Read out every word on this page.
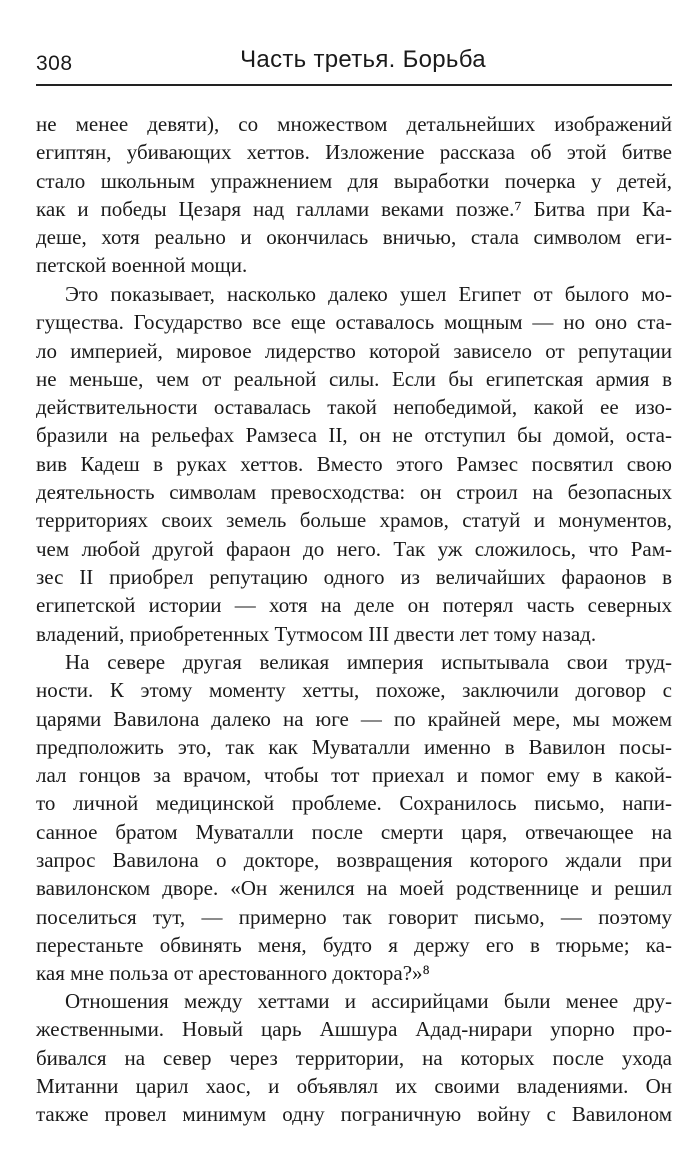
308	Часть третья. Борьба
не менее девяти), со множеством детальнейших изображений
египтян, убивающих хеттов. Изложение рассказа об этой битве
стало школьным упражнением для выработки почерка у детей,
как и победы Цезаря над галлами веками позже.⁷ Битва при Ка-
деше, хотя реально и окончилась вничью, стала символом еги-
петской военной мощи.
Это показывает, насколько далеко ушел Египет от былого мо-
гущества. Государство все еще оставалось мощным — но оно ста-
ло империей, мировое лидерство которой зависело от репутации
не меньше, чем от реальной силы. Если бы египетская армия в
действительности оставалась такой непобедимой, какой ее изо-
бразили на рельефах Рамзеса II, он не отступил бы домой, оста-
вив Кадеш в руках хеттов. Вместо этого Рамзес посвятил свою
деятельность символам превосходства: он строил на безопасных
территориях своих земель больше храмов, статуй и монументов,
чем любой другой фараон до него. Так уж сложилось, что Рам-
зес II приобрел репутацию одного из величайших фараонов в
египетской истории — хотя на деле он потерял часть северных
владений, приобретенных Тутмосом III двести лет тому назад.
На севере другая великая империя испытывала свои труд-
ности. К этому моменту хетты, похоже, заключили договор с
царями Вавилона далеко на юге — по крайней мере, мы можем
предположить это, так как Муваталли именно в Вавилон посы-
лал гонцов за врачом, чтобы тот приехал и помог ему в какой-
то личной медицинской проблеме. Сохранилось письмо, напи-
санное братом Муваталли после смерти царя, отвечающее на
запрос Вавилона о докторе, возвращения которого ждали при
вавилонском дворе. «Он женился на моей родственнице и решил
поселиться тут, — примерно так говорит письмо, — поэтому
перестаньте обвинять меня, будто я держу его в тюрьме; ка-
кая мне польза от арестованного доктора?»⁸
Отношения между хеттами и ассирийцами были менее дру-
жественными. Новый царь Ашшура Адад-нирари упорно про-
бивался на север через территории, на которых после ухода
Митанни царил хаос, и объявлял их своими владениями. Он
также провел минимум одну пограничную войну с Вавилоном
